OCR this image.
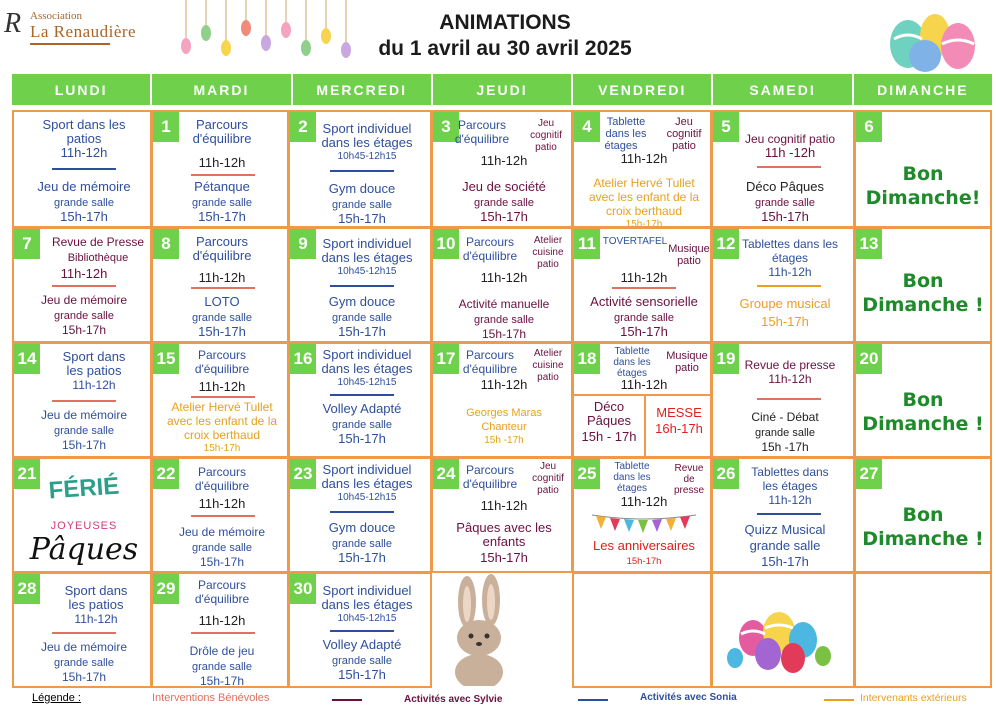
R Association
La Renaudière	ANIMATIONS
du 1 avril au 30 avril 2025
LUNDI	MARDI	MERCREDI	JEUDI	VENDREDI	SAMEDI	DIMANCHE
Sport dans les
patios
11h-12h
Jeu de mémoire
grande salle
15h-17h
1	Parcours
d'équilibre
11h-12h
Pétanque
grande salle
15h-17h
2	Sport individuel
dans les étages
10h45-12h15
Gym douce
grande salle
15h-17h
3 Parcours
d'équilibre
Jeu
cognitif
patio
11h-12h
Jeu de société
grande salle
15h-17h
4	Tablette
dans les
étages
Jeu
cognitif
patio
11h-12h
Atelier Hervé Tullet
avec les enfant de la
croix berthaud
15h-17h
5
Jeu cognitif patio
11h -12h
Déco Pâques
grande salle
15h-17h
6
Bon
Dimanche!
7	Revue de Presse
Bibliothèque
11h-12h
Jeu de mémoire
grande salle
15h-17h
8	Parcours
d'équilibre
11h-12h
LOTO
grande salle
15h-17h
9	Sport individuel
dans les étages
10h45-12h15
Gym douce
grande salle
15h-17h
10 Parcours
d'équilibre
Atelier
cuisine
patio
11h-12h
Activité manuelle
grande salle
15h-17h
11 TOVERTAFEL
Musique
patio
11h-12h
Activité sensorielle
grande salle
15h-17h
12 Tablettes dans les
étages
11h-12h
Groupe musical
15h-17h
13
Bon
Dimanche !
14	Sport dans
les patios
11h-12h
Jeu de mémoire
grande salle
15h-17h
15	Parcours
d'équilibre
11h-12h
Atelier Hervé Tullet
avec les enfant de la
croix berthaud
15h-17h
16 Sport individuel
dans les étages
10h45-12h15
Volley Adapté
grande salle
15h-17h
17 Parcours
d'équilibre
Atelier
cuisine
patio
11h-12h
Georges Maras
Chanteur
15h -17h
18	Tablette
dans les
étages
Musique
patio
11h-12h
Déco
Pâques
15h - 17h
MESSE
16h-17h
19 Revue de presse
11h-12h
Ciné - Débat
grande salle
15h -17h
20
Bon
Dimanche !
21 FÉRIÉ
JOYEUSES
Pâques
22	Parcours
d'équilibre
11h-12h
Jeu de mémoire
grande salle
15h-17h
23 Sport individuel
dans les étages
10h45-12h15
Gym douce
grande salle
15h-17h
24 Parcours
d'équilibre
Jeu
cognitif
patio
11h-12h
Pâques avec les
enfants
15h-17h
25	Tablette
dans les
étages
Revue
de
presse
11h-12h
Les anniversaires
15h-17h
26	Tablettes dans
les étages
11h-12h
Quizz Musical
grande salle
15h-17h
27
Bon
Dimanche !
28	Sport dans
les patios
11h-12h
Jeu de mémoire
grande salle
15h-17h
29	Parcours
d'équilibre
11h-12h
Drôle de jeu
grande salle
15h-17h
30 Sport individuel
dans les étages
10h45-12h15
Volley Adapté
grande salle
15h-17h
Légende :	Interventions Bénévoles	Activités avec Sylvie	Activités avec Sonia	Intervenants extérieurs
